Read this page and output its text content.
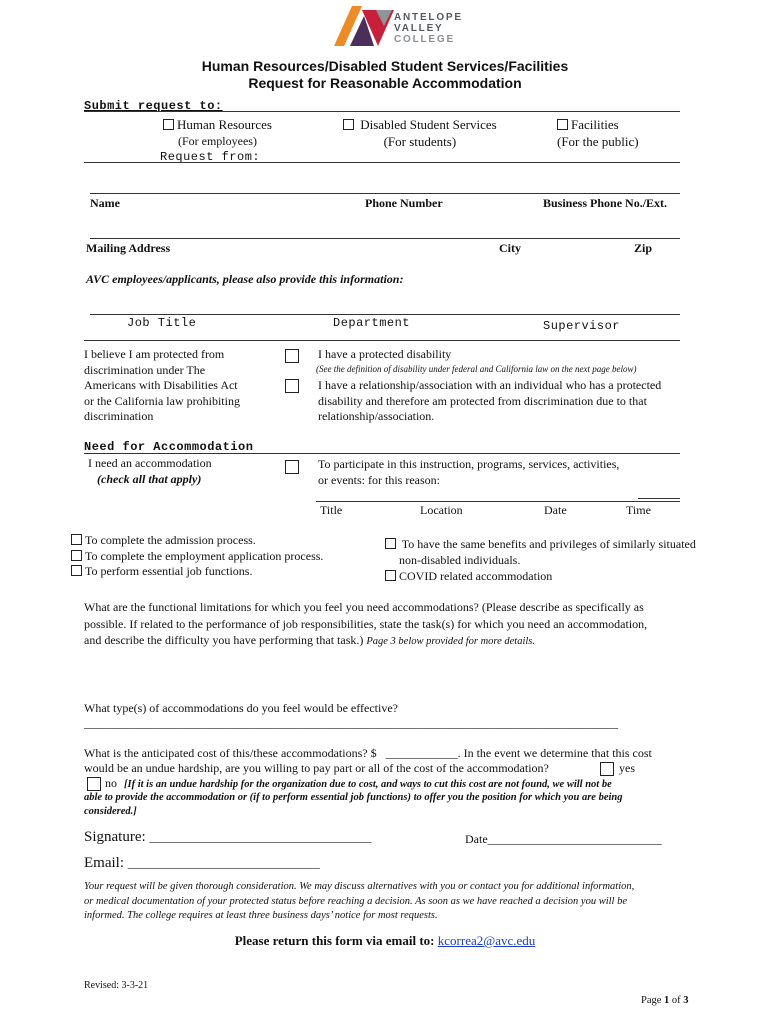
ANTELOPE
VALLEY
COLLEGE
Human Resources/Disabled Student Services/Facilities
Request for Reasonable Accommodation
Submit request to:
Human Resources
(For employees)
Disabled Student Services
(For students)
Facilities
(For the public)
Request from:
Name	Phone Number	Business Phone No./Ext.
Mailing Address	City	Zip
AVC employees/applicants, please also provide this information:
Job Title	Department	Supervisor
I believe I am protected from
discrimination under The
Americans with Disabilities Act
or the California law prohibiting
discrimination
I have a protected disability
(See the definition of disability under federal and California law on the next page below)
I have a relationship/association with an individual who has a protected
disability and therefore am protected from discrimination due to that
relationship/association.
Need for Accommodation
I need an accommodation
(check all that apply)
To participate in this instruction, programs, services, activities,
or events: for this reason:
Title	Location	Date	Time
To complete the admission process.
To complete the employment application process.
To perform essential job functions.
To have the same benefits and privileges of similarly situated
non-disabled individuals.
COVID related accommodation
What are the functional limitations for which you feel you need accommodations? (Please describe as specifically as
possible. If related to the performance of job responsibilities, state the task(s) for which you need an accommodation,
and describe the difficulty you have performing that task.) Page 3 below provided for more details.
What type(s) of accommodations do you feel would be effective?
_________________________________________________________________________________________
What is the anticipated cost of this/these accommodations? $ ____________. In the event we determine that this cost
would be an undue hardship, are you willing to pay part or all of the cost of the accommodation?	yes
no [If it is an undue hardship for the organization due to cost, and ways to cut this cost are not found, we will not be
able to provide the accommodation or (if to perform essential job functions) to offer you the position for which you are being
considered.]
Signature: _____________________________________	Date_____________________________
Email: ________________________________
Your request will be given thorough consideration. We may discuss alternatives with you or contact you for additional information,
or medical documentation of your protected status before reaching a decision. As soon as we have reached a decision you will be
informed. The college requires at least three business days’ notice for most requests.
Please return this form via email to: kcorrea2@avc.edu
Revised: 3-3-21
Page 1 of 3
